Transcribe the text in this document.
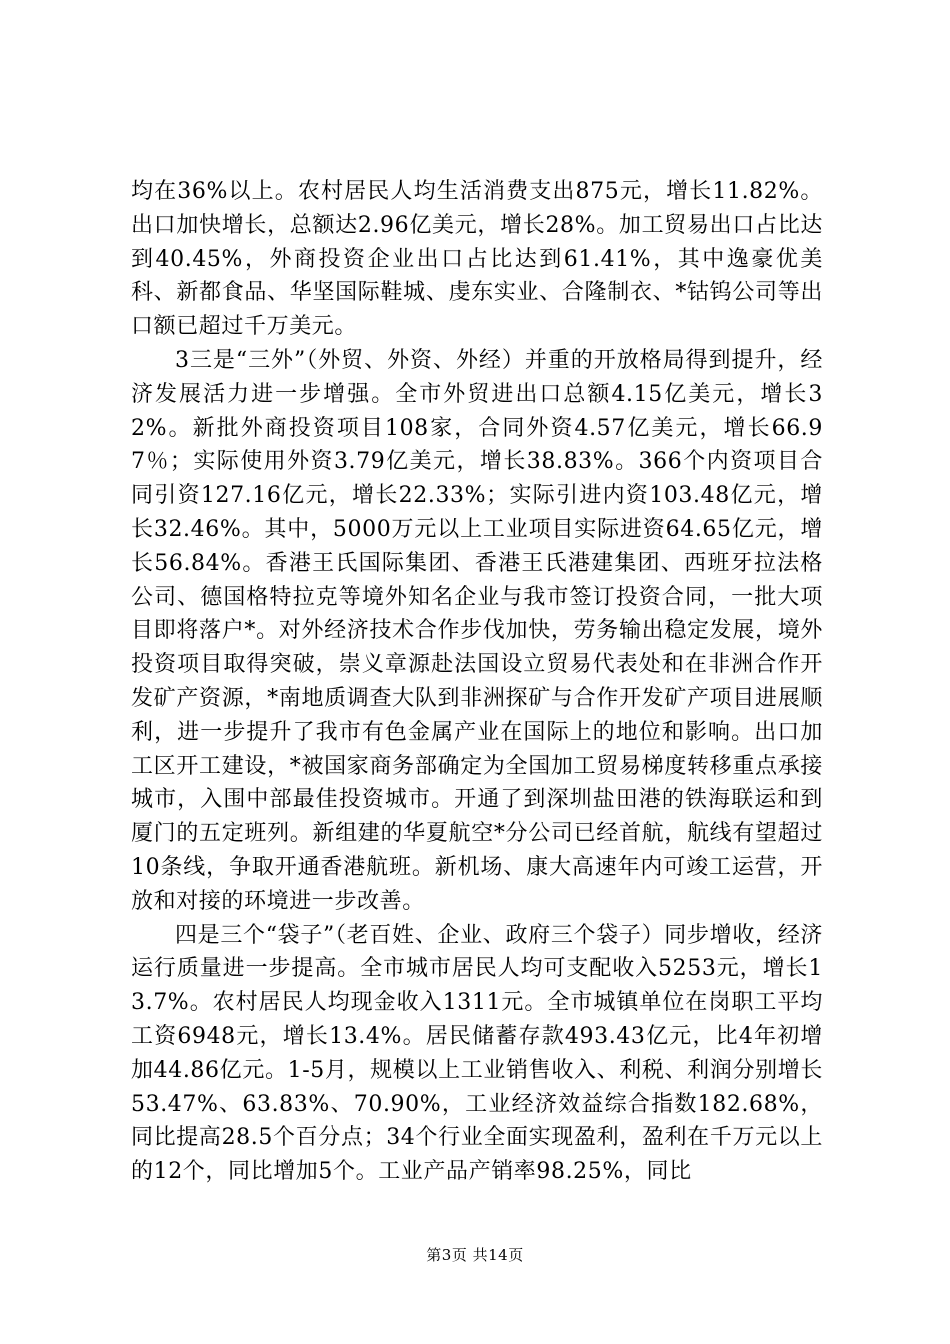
均在36%以上。农村居民人均生活消费支出875元，增长11.82%。出口加快增长，总额达2.96亿美元，增长28%。加工贸易出口占比达到40.45%，外商投资企业出口占比达到61.41%，其中逸豪优美科、新都食品、华坚国际鞋城、虔东实业、合隆制衣、*钴钨公司等出口额已超过千万美元。

3三是“三外”（外贸、外资、外经）并重的开放格局得到提升，经济发展活力进一步增强。全市外贸进出口总额4.15亿美元，增长32%。新批外商投资项目108家，合同外资4.57亿美元，增长66.97％；实际使用外资3.79亿美元，增长38.83%。366个内资项目合同引资127.16亿元，增长22.33%；实际引进内资103.48亿元，增长32.46%。其中，5000万元以上工业项目实际进资64.65亿元，增长56.84%。香港王氏国际集团、香港王氏港建集团、西班牙拉法格公司、德国格特拉克等境外知名企业与我市签订投资合同，一批大项目即将落户*。对外经济技术合作步伐加快，劳务输出稳定发展，境外投资项目取得突破，崇义章源赴法国设立贸易代表处和在非洲合作开发矿产资源，*南地质调查大队到非洲探矿与合作开发矿产项目进展顺利，进一步提升了我市有色金属产业在国际上的地位和影响。出口加工区开工建设，*被国家商务部确定为全国加工贸易梯度转移重点承接城市，入围中部最佳投资城市。开通了到深圳盐田港的铁海联运和到厦门的五定班列。新组建的华夏航空*分公司已经首航，航线有望超过10条线，争取开通香港航班。新机场、康大高速年内可竣工运营，开放和对接的环境进一步改善。

四是三个“袋子”（老百姓、企业、政府三个袋子）同步增收，经济运行质量进一步提高。全市城市居民人均可支配收入5253元，增长13.7%。农村居民人均现金收入1311元。全市城镇单位在岗职工平均工资6948元，增长13.4%。居民储蓄存款493.43亿元，比4年初增加44.86亿元。1-5月，规模以上工业销售收入、利税、利润分别增长53.47%、63.83%、70.90%，工业经济效益综合指数182.68%，同比提高28.5个百分点；34个行业全面实现盈利，盈利在千万元以上的12个，同比增加5个。工业产品产销率98.25%，同比

第3页 共14页
